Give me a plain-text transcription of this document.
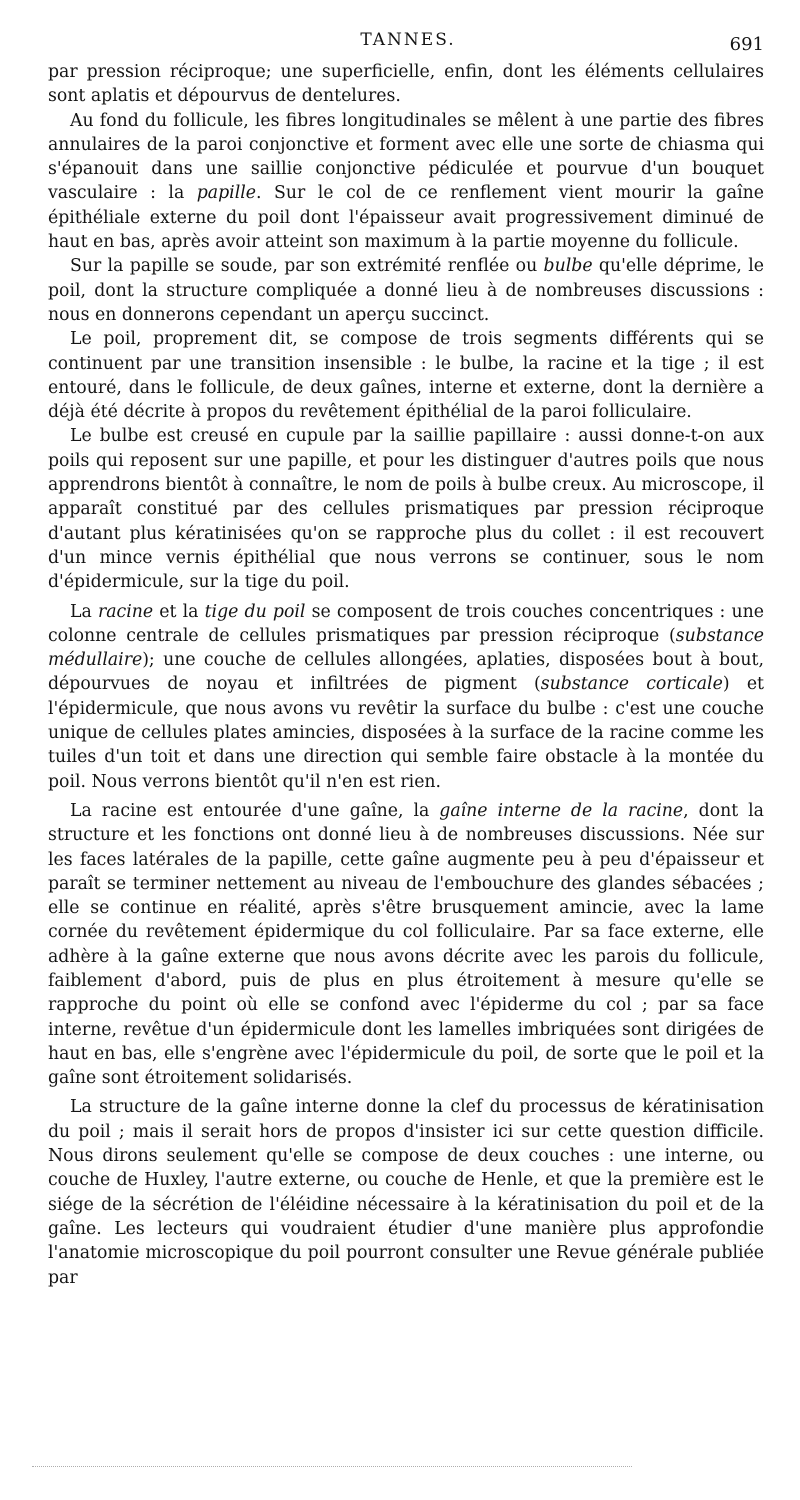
TANNES.	691

par pression réciproque; une superficielle, enfin, dont les éléments cellulaires sont aplatis et dépourvus de dentelures.

Au fond du follicule, les fibres longitudinales se mêlent à une partie des fibres annulaires de la paroi conjonctive et forment avec elle une sorte de chiasma qui s'épanouit dans une saillie conjonctive pédiculée et pourvue d'un bouquet vasculaire : la papille. Sur le col de ce renflement vient mourir la gaîne épithéliale externe du poil dont l'épaisseur avait progressivement diminué de haut en bas, après avoir atteint son maximum à la partie moyenne du follicule.

Sur la papille se soude, par son extrémité renflée ou bulbe qu'elle déprime, le poil, dont la structure compliquée a donné lieu à de nombreuses discussions : nous en donnerons cependant un aperçu succinct.

Le poil, proprement dit, se compose de trois segments différents qui se continuent par une transition insensible : le bulbe, la racine et la tige ; il est entouré, dans le follicule, de deux gaînes, interne et externe, dont la dernière a déjà été décrite à propos du revêtement épithélial de la paroi folliculaire.

Le bulbe est creusé en cupule par la saillie papillaire : aussi donne-t-on aux poils qui reposent sur une papille, et pour les distinguer d'autres poils que nous apprendrons bientôt à connaître, le nom de poils à bulbe creux. Au microscope, il apparaît constitué par des cellules prismatiques par pression réciproque d'autant plus kératinisées qu'on se rapproche plus du collet : il est recouvert d'un mince vernis épithélial que nous verrons se continuer, sous le nom d'épidermicule, sur la tige du poil.

La racine et la tige du poil se composent de trois couches concentriques : une colonne centrale de cellules prismatiques par pression réciproque (substance médullaire); une couche de cellules allongées, aplaties, disposées bout à bout, dépourvues de noyau et infiltrées de pigment (substance corticale) et l'épidermicule, que nous avons vu revêtir la surface du bulbe : c'est une couche unique de cellules plates amincies, disposées à la surface de la racine comme les tuiles d'un toit et dans une direction qui semble faire obstacle à la montée du poil. Nous verrons bientôt qu'il n'en est rien.

La racine est entourée d'une gaîne, la gaîne interne de la racine, dont la structure et les fonctions ont donné lieu à de nombreuses discussions. Née sur les faces latérales de la papille, cette gaîne augmente peu à peu d'épaisseur et paraît se terminer nettement au niveau de l'embouchure des glandes sébacées ; elle se continue en réalité, après s'être brusquement amincie, avec la lame cornée du revêtement épidermique du col folliculaire. Par sa face externe, elle adhère à la gaîne externe que nous avons décrite avec les parois du follicule, faiblement d'abord, puis de plus en plus étroitement à mesure qu'elle se rapproche du point où elle se confond avec l'épiderme du col ; par sa face interne, revêtue d'un épidermicule dont les lamelles imbriquées sont dirigées de haut en bas, elle s'engrène avec l'épidermicule du poil, de sorte que le poil et la gaîne sont étroitement solidarisés.

La structure de la gaîne interne donne la clef du processus de kératinisation du poil ; mais il serait hors de propos d'insister ici sur cette question difficile. Nous dirons seulement qu'elle se compose de deux couches : une interne, ou couche de Huxley, l'autre externe, ou couche de Henle, et que la première est le siége de la sécrétion de l'éléidine nécessaire à la kératinisation du poil et de la gaîne. Les lecteurs qui voudraient étudier d'une manière plus approfondie l'anatomie microscopique du poil pourront consulter une Revue générale publiée par
